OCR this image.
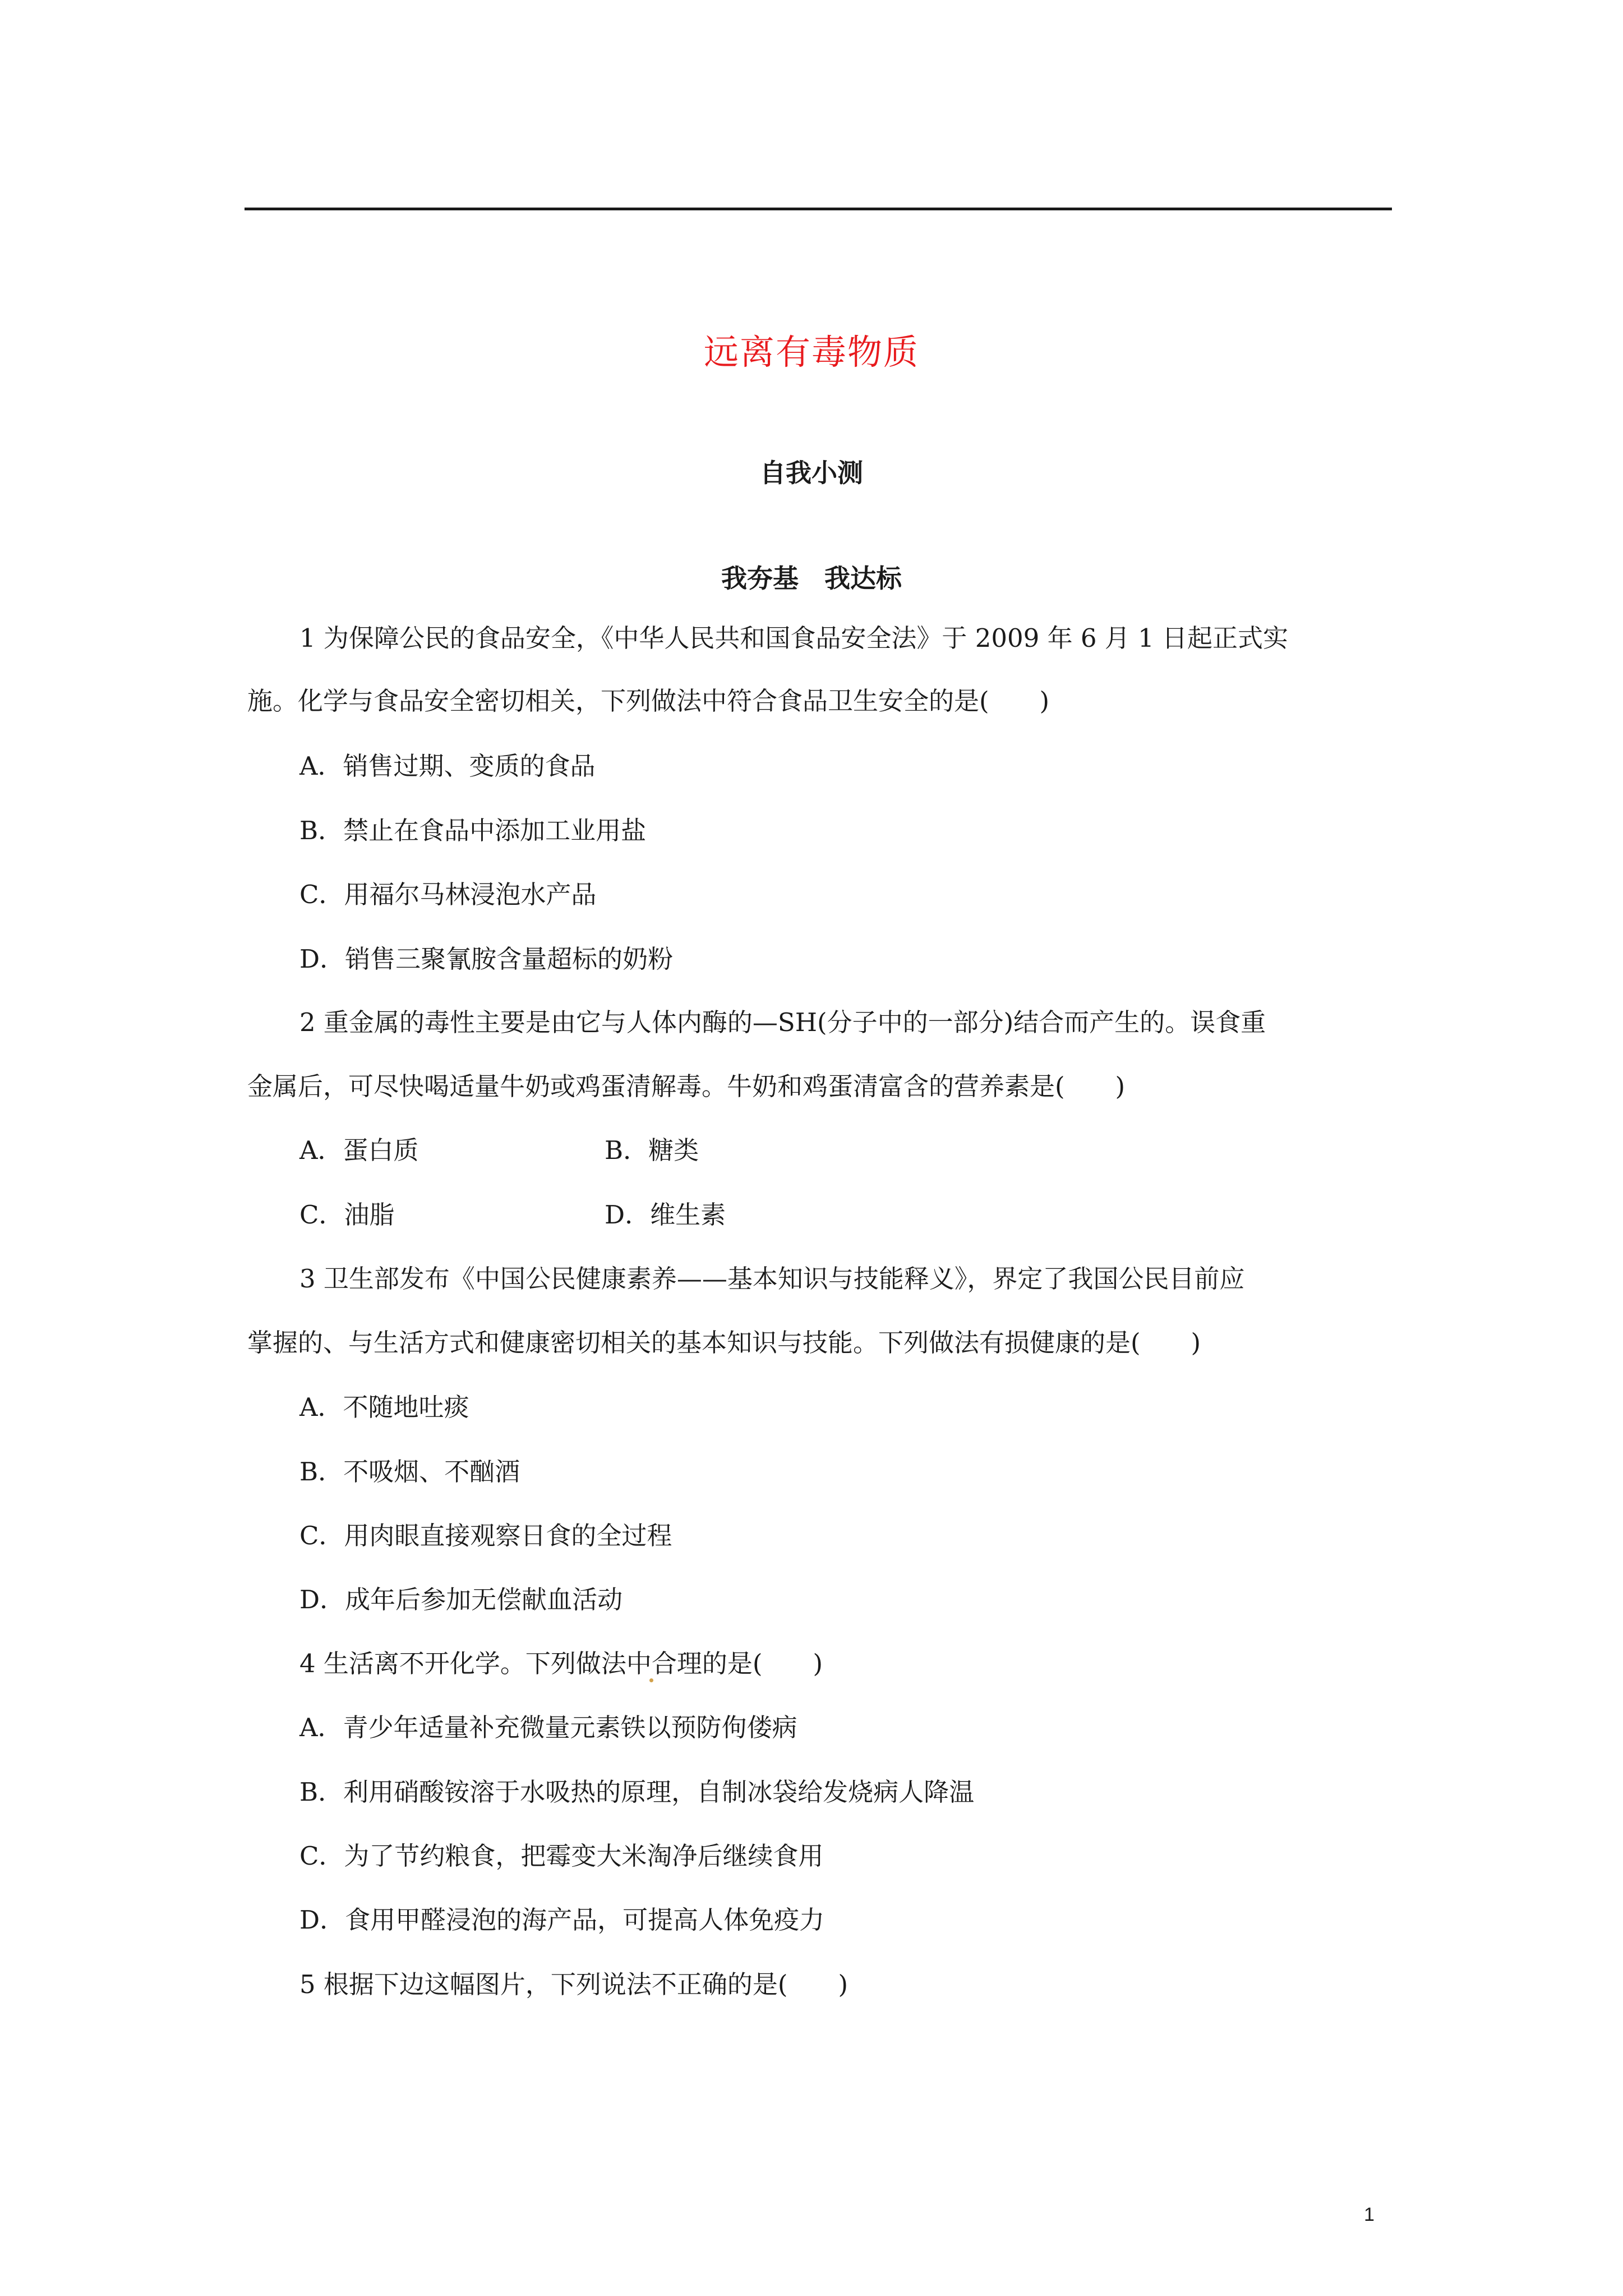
远离有毒物质
自我小测
我夯基　我达标
1 为保障公民的食品安全，《中华人民共和国食品安全法》于 2009 年 6 月 1 日起正式实
施。化学与食品安全密切相关，下列做法中符合食品卫生安全的是(　　)
A．销售过期、变质的食品
B．禁止在食品中添加工业用盐
C．用福尔马林浸泡水产品
D．销售三聚氰胺含量超标的奶粉
2 重金属的毒性主要是由它与人体内酶的—SH(分子中的一部分)结合而产生的。误食重
金属后，可尽快喝适量牛奶或鸡蛋清解毒。牛奶和鸡蛋清富含的营养素是(　　)
A．蛋白质	B．糖类
C．油脂	D．维生素
3 卫生部发布《中国公民健康素养——基本知识与技能释义》，界定了我国公民目前应
掌握的、与生活方式和健康密切相关的基本知识与技能。下列做法有损健康的是(　　)
A．不随地吐痰
B．不吸烟、不酗酒
C．用肉眼直接观察日食的全过程
D．成年后参加无偿献血活动
4 生活离不开化学。下列做法中合理的是(　　)
A．青少年适量补充微量元素铁以预防佝偻病
B．利用硝酸铵溶于水吸热的原理，自制冰袋给发烧病人降温
C．为了节约粮食，把霉变大米淘净后继续食用
D．食用甲醛浸泡的海产品，可提高人体免疫力
5 根据下边这幅图片，下列说法不正确的是(　　)
1
